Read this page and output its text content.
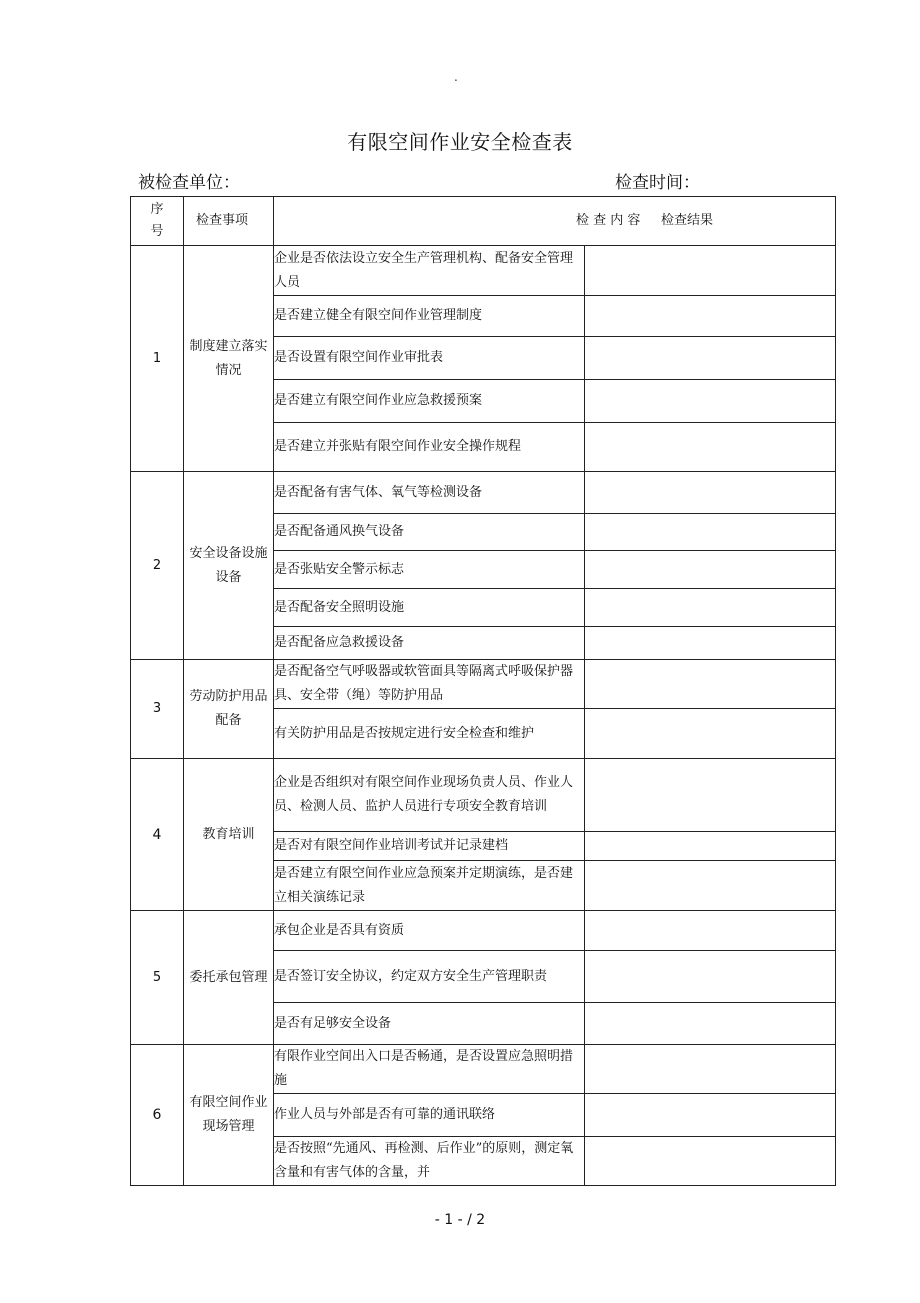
.
有限空间作业安全检查表
被检查单位：	检查时间：
序号	检查事项	检 查 内 容     检查结果	
1	制度建立落实情况	企业是否依法设立安全生产管理机构、配备安全管理人员	
		是否建立健全有限空间作业管理制度	
		是否设置有限空间作业审批表	
		是否建立有限空间作业应急救援预案	
		是否建立并张贴有限空间作业安全操作规程	
2	安全设备设施设备	是否配备有害气体、氧气等检测设备	
		是否配备通风换气设备	
		是否张贴安全警示标志	
		是否配备安全照明设施	
		是否配备应急救援设备	
3	劳动防护用品配备	是否配备空气呼吸器或软管面具等隔离式呼吸保护器具、安全带（绳）等防护用品	
		有关防护用品是否按规定进行安全检查和维护	
4	教育培训	企业是否组织对有限空间作业现场负责人员、作业人员、检测人员、监护人员进行专项安全教育培训	
		是否对有限空间作业培训考试并记录建档	
		是否建立有限空间作业应急预案并定期演练，是否建立相关演练记录	
5	委托承包管理	承包企业是否具有资质	
		是否签订安全协议，约定双方安全生产管理职责	
		是否有足够安全设备	
6	有限空间作业现场管理	有限作业空间出入口是否畅通，是否设置应急照明措施	
		作业人员与外部是否有可靠的通讯联络	
		是否按照“先通风、再检测、后作业”的原则，测定氧含量和有害气体的含量，并	
- 1 - / 2
